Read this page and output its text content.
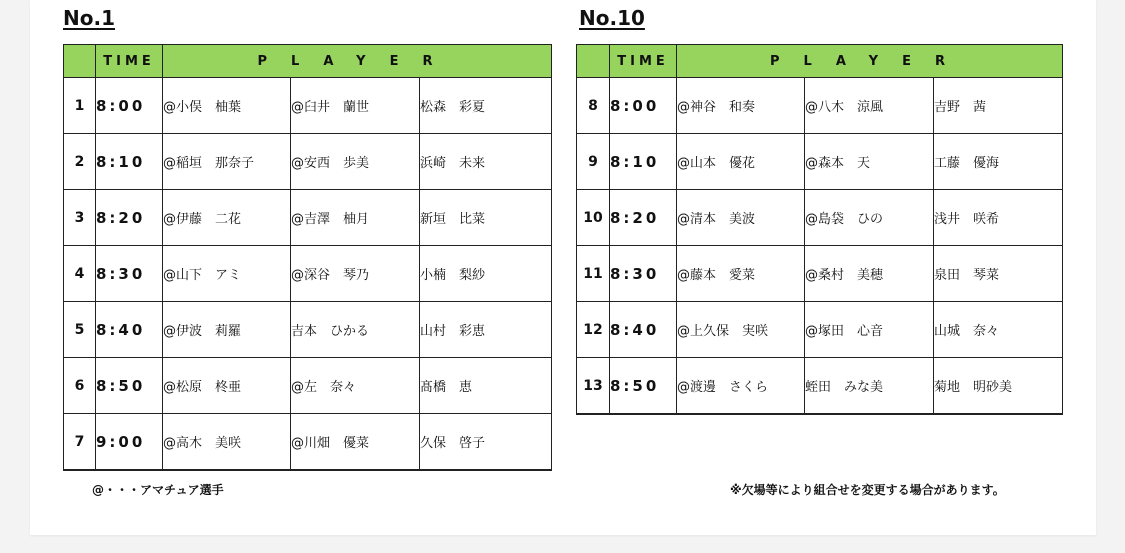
No.1	No.10
	TIME	PLAYER		
1	8:00	@小俣　柚葉	@臼井　蘭世	松森　彩夏
2	8:10	@稲垣　那奈子	@安西　歩美	浜崎　未来
3	8:20	@伊藤　二花	@吉澤　柚月	新垣　比菜
4	8:30	@山下　アミ	@深谷　琴乃	小楠　梨紗
5	8:40	@伊波　莉羅	吉本　ひかる	山村　彩恵
6	8:50	@松原　柊亜	@左　奈々	髙橋　恵
7	9:00	@高木　美咲	@川畑　優菜	久保　啓子
	TIME	PLAYER		
8	8:00	@神谷　和奏	@八木　涼風	吉野　茜
9	8:10	@山本　優花	@森本　天	工藤　優海
10	8:20	@清本　美波	@島袋　ひの	浅井　咲希
11	8:30	@藤本　愛菜	@桑村　美穂	泉田　琴菜
12	8:40	@上久保　実咲	@塚田　心音	山城　奈々
13	8:50	@渡邊　さくら	蛭田　みな美	菊地　明砂美
@・・・アマチュア選手	※欠場等により組合せを変更する場合があります。
